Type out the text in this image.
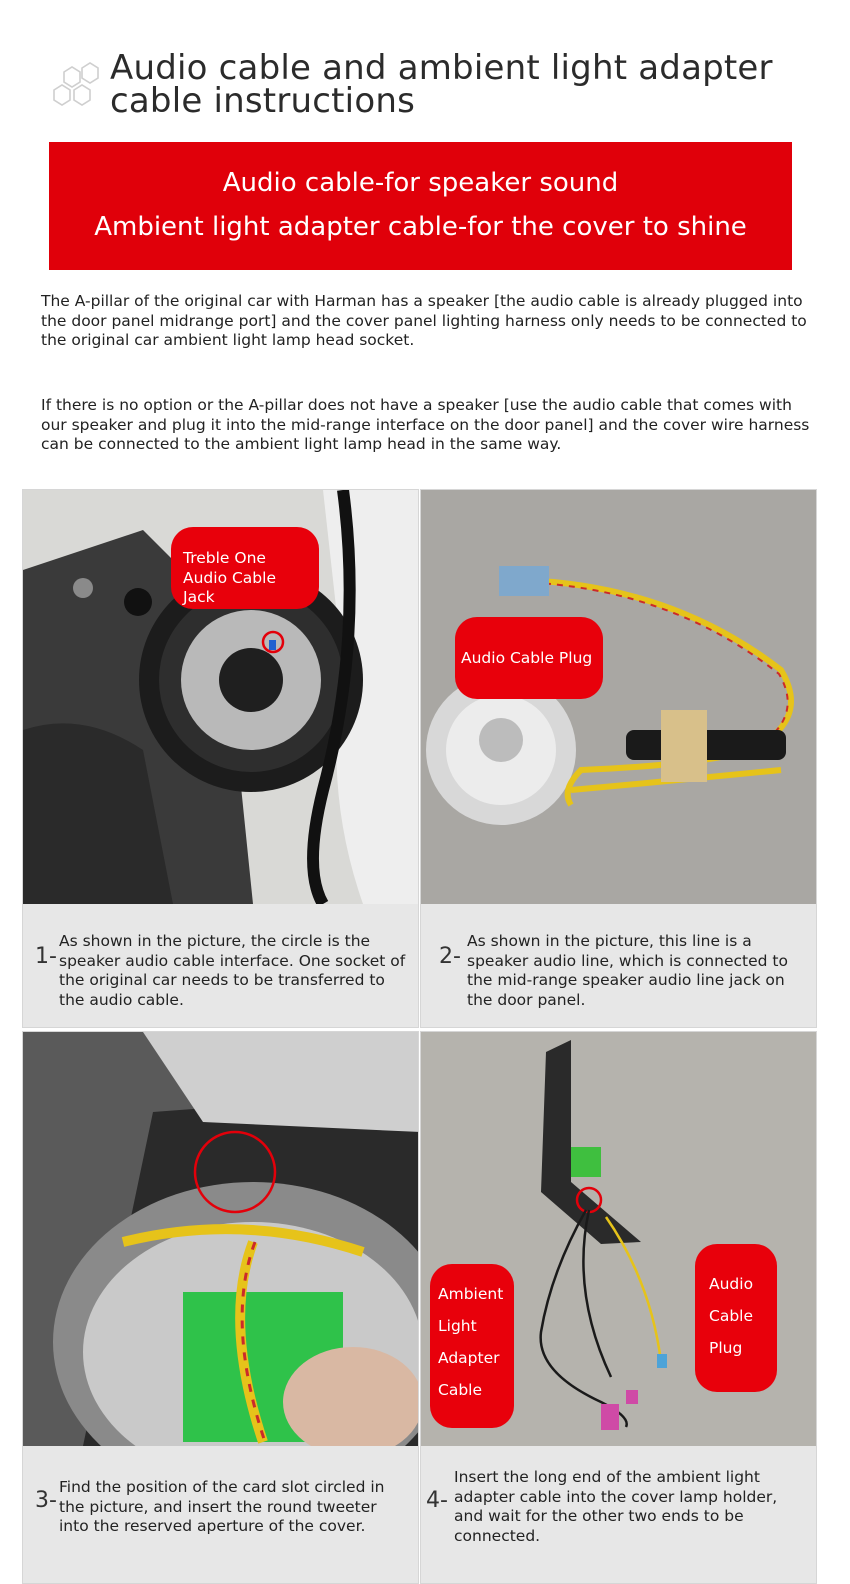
Audio cable and ambient light adapter
cable instructions
Audio cable-for speaker sound
Ambient light adapter cable-for the cover to shine

The A-pillar of the original car with Harman has a speaker [the audio cable is already plugged into the door panel midrange port] and the cover panel lighting harness only needs to be connected to the original car ambient light lamp head socket.

If there is no option or the A-pillar does not have a speaker [use the audio cable that comes with our speaker and plug it into the mid-range interface on the door panel] and the cover wire harness can be connected to the ambient light lamp head in the same way.

Treble One Audio Cable Jack
1-

As shown in the picture, the circle is the speaker audio cable interface. One socket of the original car needs to be transferred to the audio cable.

Audio Cable Plug
2-

As shown in the picture, this line is a speaker audio line, which is connected to the mid-range speaker audio line jack on the door panel.

3-

Find the position of the card slot circled in the picture, and insert the round tweeter into the reserved aperture of the cover.

Ambient Light Adapter Cable
Audio Cable Plug
4-

Insert the long end of the ambient light adapter cable into the cover lamp holder, and wait for the other two ends to be connected.
